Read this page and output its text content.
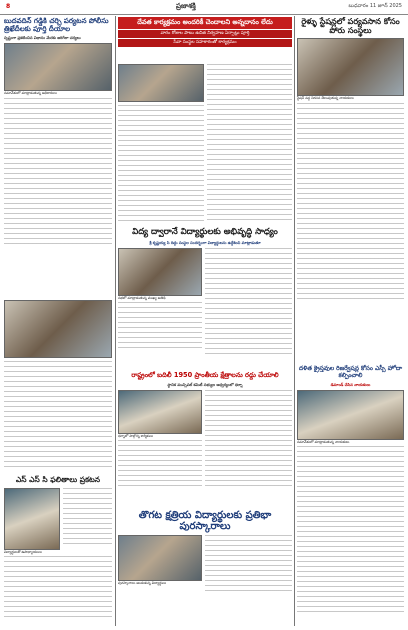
8	ప్రజాశక్తి	బుధవారం 11 జూన్ 2025
బుదవదిన్ గడ్డికి చర్చి పర్యటన పోలీసు త్రిఖేదీలకు పూర్తి దీయాల
స్పష్టంగా ప్రకటించిన విధానం మేరకు జరిగేలా చర్యలు
సమావేశంలో మాట్లాడుతున్న అధికారులు
ఎస్ ఎస్ సి ఫలితాలు ప్రకటన
విద్యార్థులతో ఉపాధ్యాయులు
దేవత కార్యక్రమం అందరికీ చెందాలని అన్నదానం లేదు
వారం రోజుల పాటు ఉచిత నిర్వహణ ఏర్పాట్లు పూర్తి
సేవా సంస్థల సహకారంతో కార్యక్రమం
విద్య ద్వారానే విద్యార్థులకు అభివృద్ధి సాధ్యం
శ్రీ కృష్ణయ్య సి దిద్దు సంస్థల సందర్భంగా విద్యార్థులను ఉద్దేశించి మాట్లాడుతూ
సభలో మాట్లాడుతున్న ముఖ్య అతిథి
రాష్ట్రంలో బదిలీ 1950 ప్రాంతీయ క్షేత్రాలను రద్దు చేయాలి
స్థానిక మున్సిపల్ కమిటీ సభ్యుల ఆధ్వర్యంలో ధర్నా
ధర్నాలో పాల్గొన్న కార్మికులు
తొగట క్షత్రియ విద్యార్థులకు ప్రతిభా పురస్కారాలు
పురస్కారాలు అందుకున్న విద్యార్థులు
రైళ్ళు స్టేషన్లలో పర్యవసాన కోసం పోరు సంస్థలు
స్టేషన్ వద్ద నిరసన తెలుపుతున్న నాయకులు
దళిత క్రైస్తవుల రిజర్వేషన్ల కోసం ఎస్సీ హోదా కల్పించాలి
డిమాండ్ చేసిన నాయకులు
సమావేశంలో మాట్లాడుతున్న నాయకులు
